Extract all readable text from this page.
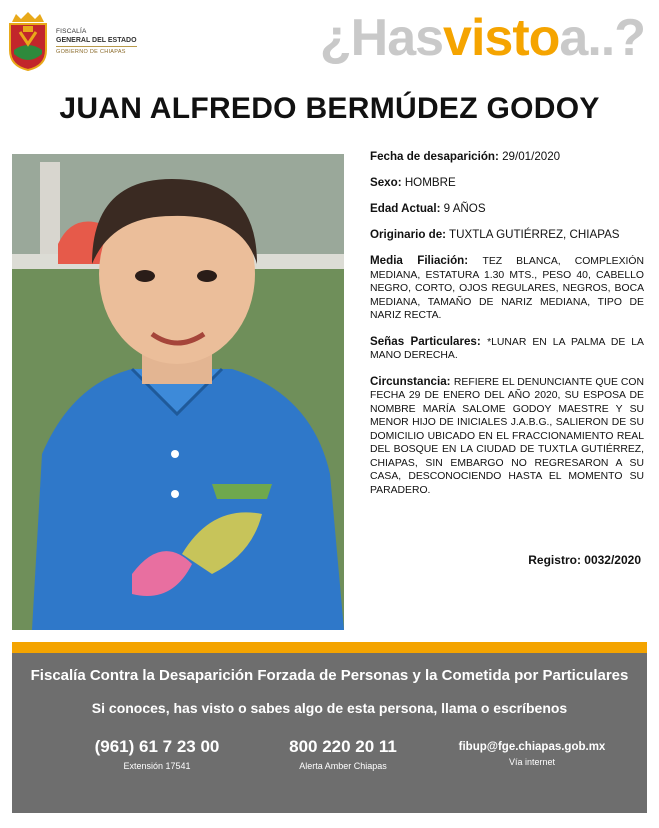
FISCALÍA
GENERAL DEL ESTADO
GOBIERNO DE CHIAPAS	¿Hasvistoa..?
JUAN ALFREDO BERMÚDEZ GODOY
Fecha de desaparición: 29/01/2020
Sexo: HOMBRE
Edad Actual: 9 AÑOS
Originario de: TUXTLA GUTIÉRREZ, CHIAPAS
Media Filiación: TEZ BLANCA, COMPLEXIÓN MEDIANA, ESTATURA 1.30 MTS., PESO 40, CABELLO NEGRO, CORTO, OJOS REGULARES, NEGROS, BOCA MEDIANA, TAMAÑO DE NARIZ MEDIANA, TIPO DE NARIZ RECTA.
Señas Particulares: *LUNAR EN LA PALMA DE LA MANO DERECHA.
Circunstancia: REFIERE EL DENUNCIANTE QUE CON FECHA 29 DE ENERO DEL AÑO 2020, SU ESPOSA DE NOMBRE MARÍA SALOME GODOY MAESTRE Y SU MENOR HIJO DE INICIALES J.A.B.G., SALIERON DE SU DOMICILIO UBICADO EN EL FRACCIONAMIENTO REAL DEL BOSQUE EN LA CIUDAD DE TUXTLA GUTIÉRREZ, CHIAPAS, SIN EMBARGO NO REGRESARON A SU CASA, DESCONOCIENDO HASTA EL MOMENTO SU PARADERO.
Registro: 0032/2020
Fiscalía Contra la Desaparición Forzada de Personas y la Cometida por Particulares
Si conoces, has visto o sabes algo de esta persona, llama o escríbenos
(961) 61 7 23 00
Extensión 17541
800 220 20 11
Alerta Amber Chiapas
fibup@fge.chiapas.gob.mx
Vía internet
